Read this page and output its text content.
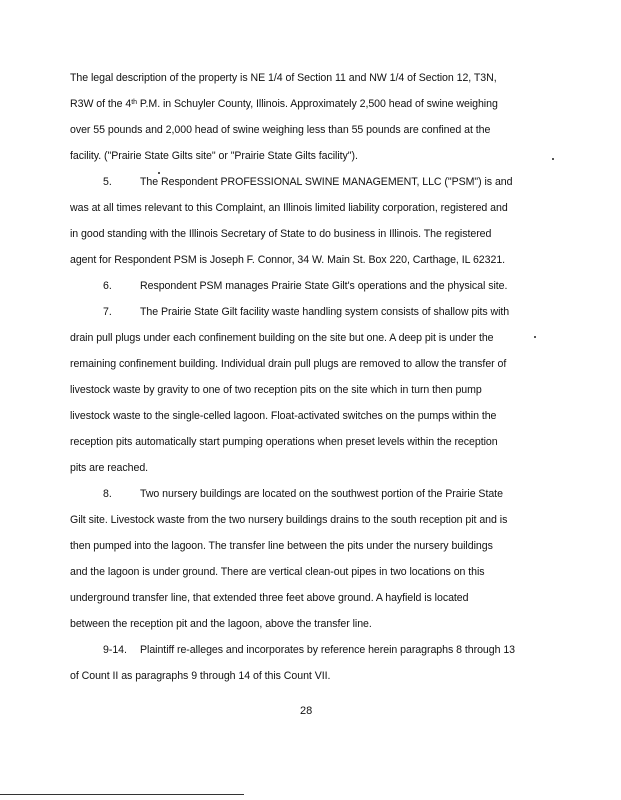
The legal description of the property is NE 1/4 of Section 11 and NW 1/4 of Section 12, T3N,
R3W of the 4th P.M. in Schuyler County, Illinois. Approximately 2,500 head of swine weighing
over 55 pounds and 2,000 head of swine weighing less than 55 pounds are confined at the
facility. ("Prairie State Gilts site" or "Prairie State Gilts facility").
5.	The Respondent PROFESSIONAL SWINE MANAGEMENT, LLC ("PSM") is and
was at all times relevant to this Complaint, an Illinois limited liability corporation, registered and
in good standing with the Illinois Secretary of State to do business in Illinois. The registered
agent for Respondent PSM is Joseph F. Connor, 34 W. Main St. Box 220, Carthage, IL 62321.
6.	Respondent PSM manages Prairie State Gilt's operations and the physical site.
7.	The Prairie State Gilt facility waste handling system consists of shallow pits with
drain pull plugs under each confinement building on the site but one. A deep pit is under the
remaining confinement building. Individual drain pull plugs are removed to allow the transfer of
livestock waste by gravity to one of two reception pits on the site which in turn then pump
livestock waste to the single-celled lagoon. Float-activated switches on the pumps within the
reception pits automatically start pumping operations when preset levels within the reception
pits are reached.
8.	Two nursery buildings are located on the southwest portion of the Prairie State
Gilt site. Livestock waste from the two nursery buildings drains to the south reception pit and is
then pumped into the lagoon. The transfer line between the pits under the nursery buildings
and the lagoon is under ground. There are vertical clean-out pipes in two locations on this
underground transfer line, that extended three feet above ground. A hayfield is located
between the reception pit and the lagoon, above the transfer line.
9-14. Plaintiff re-alleges and incorporates by reference herein paragraphs 8 through 13
of Count II as paragraphs 9 through 14 of this Count VII.
28
